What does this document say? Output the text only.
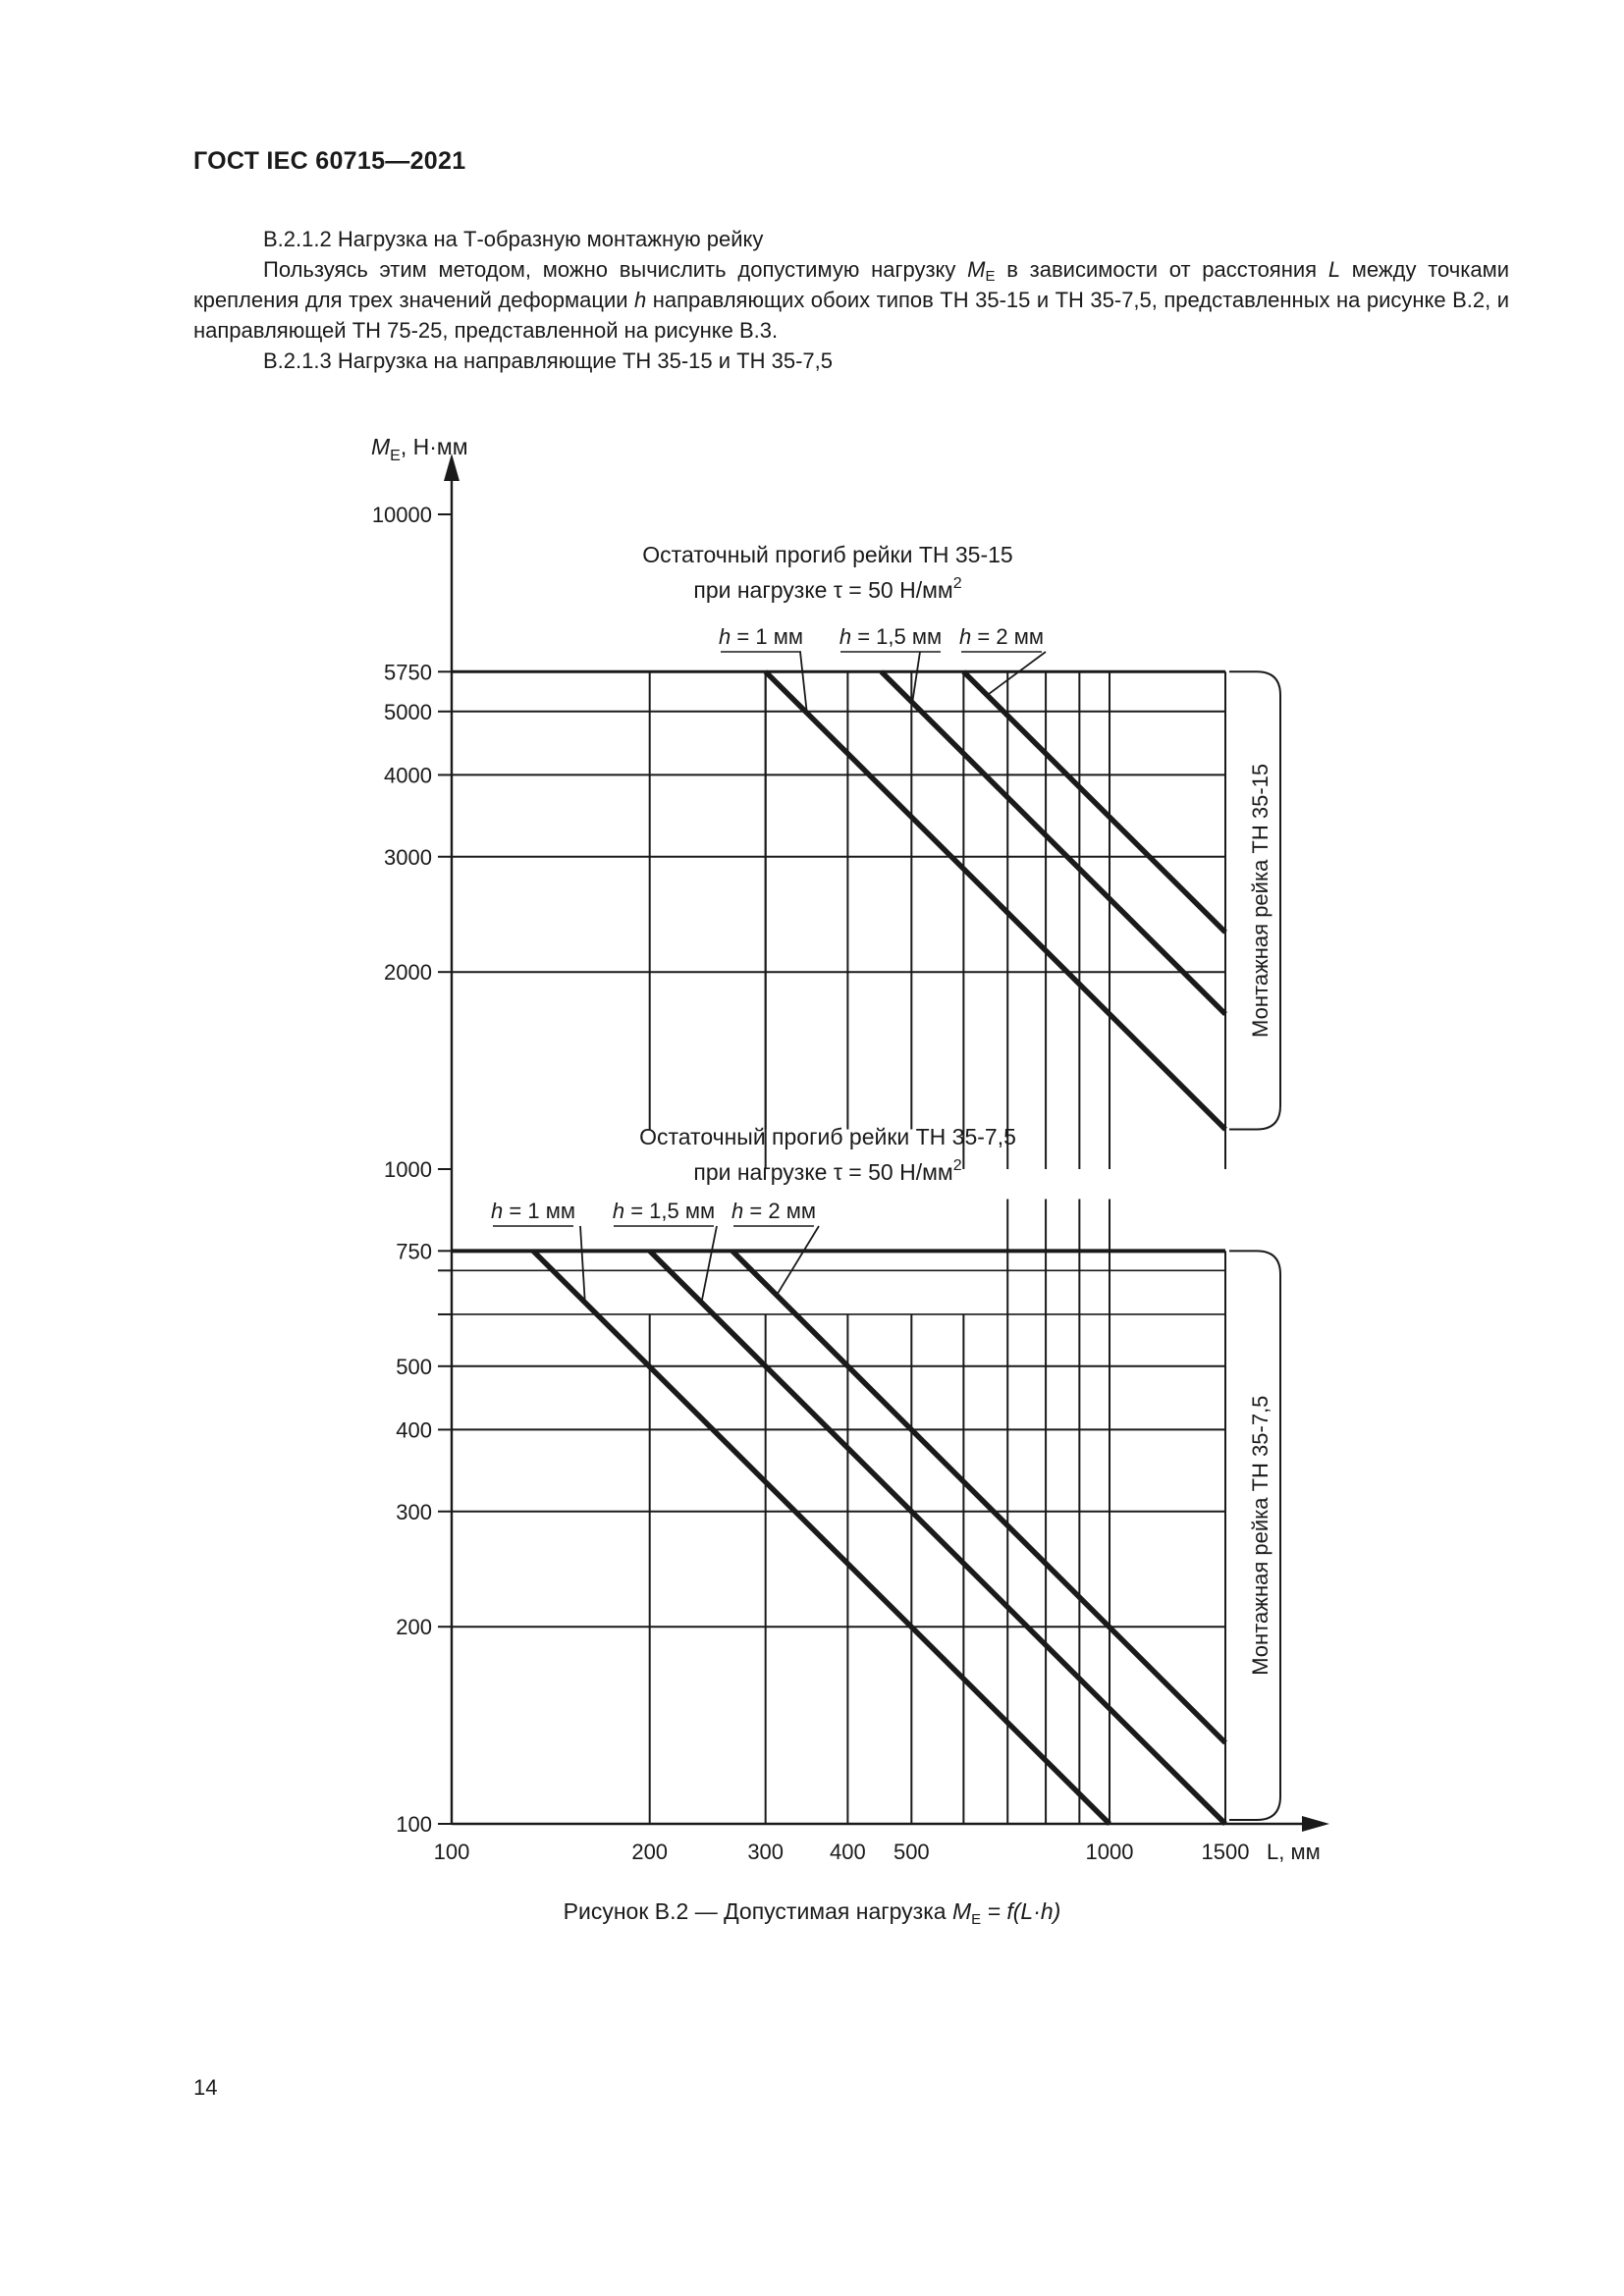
ГОСТ IEC 60715—2021

B.2.1.2 Нагрузка на Т-образную монтажную рейку

Пользуясь этим методом, можно вычислить допустимую нагрузку $M_E$ в зависимости от расстояния L между точками крепления для трех значений деформации h направляющих обоих типов ТН 35-15 и ТН 35-7,5, представленных на рисунке B.2, и направляющей ТН 75-25, представленной на рисунке B.3.

B.2.1.3 Нагрузка на направляющие ТН 35-15 и ТН 35-7,5

100
200
300
400
500
750
1000
2000
3000
4000
5000
5750
10000
100	200	300 400 500	1000	1500
$M_E$, Н·мм
L, мм
Остаточный прогиб рейки ТН 35-15
при нагрузке τ = 50 $Н/мм^2$
Остаточный прогиб рейки ТН 35-7,5
при нагрузке τ = 50 $Н/мм^2$
h = 1 мм h = 1,5 мм h = 2 мм
h = 1 мм h = 1,5 мм h = 2 мм
Монтажная рейка ТН 35-15
Монтажная рейка ТН 35-7,5
Рисунок B.2 — Допустимая нагрузка $M_E = f(L\cdot h)$
14
